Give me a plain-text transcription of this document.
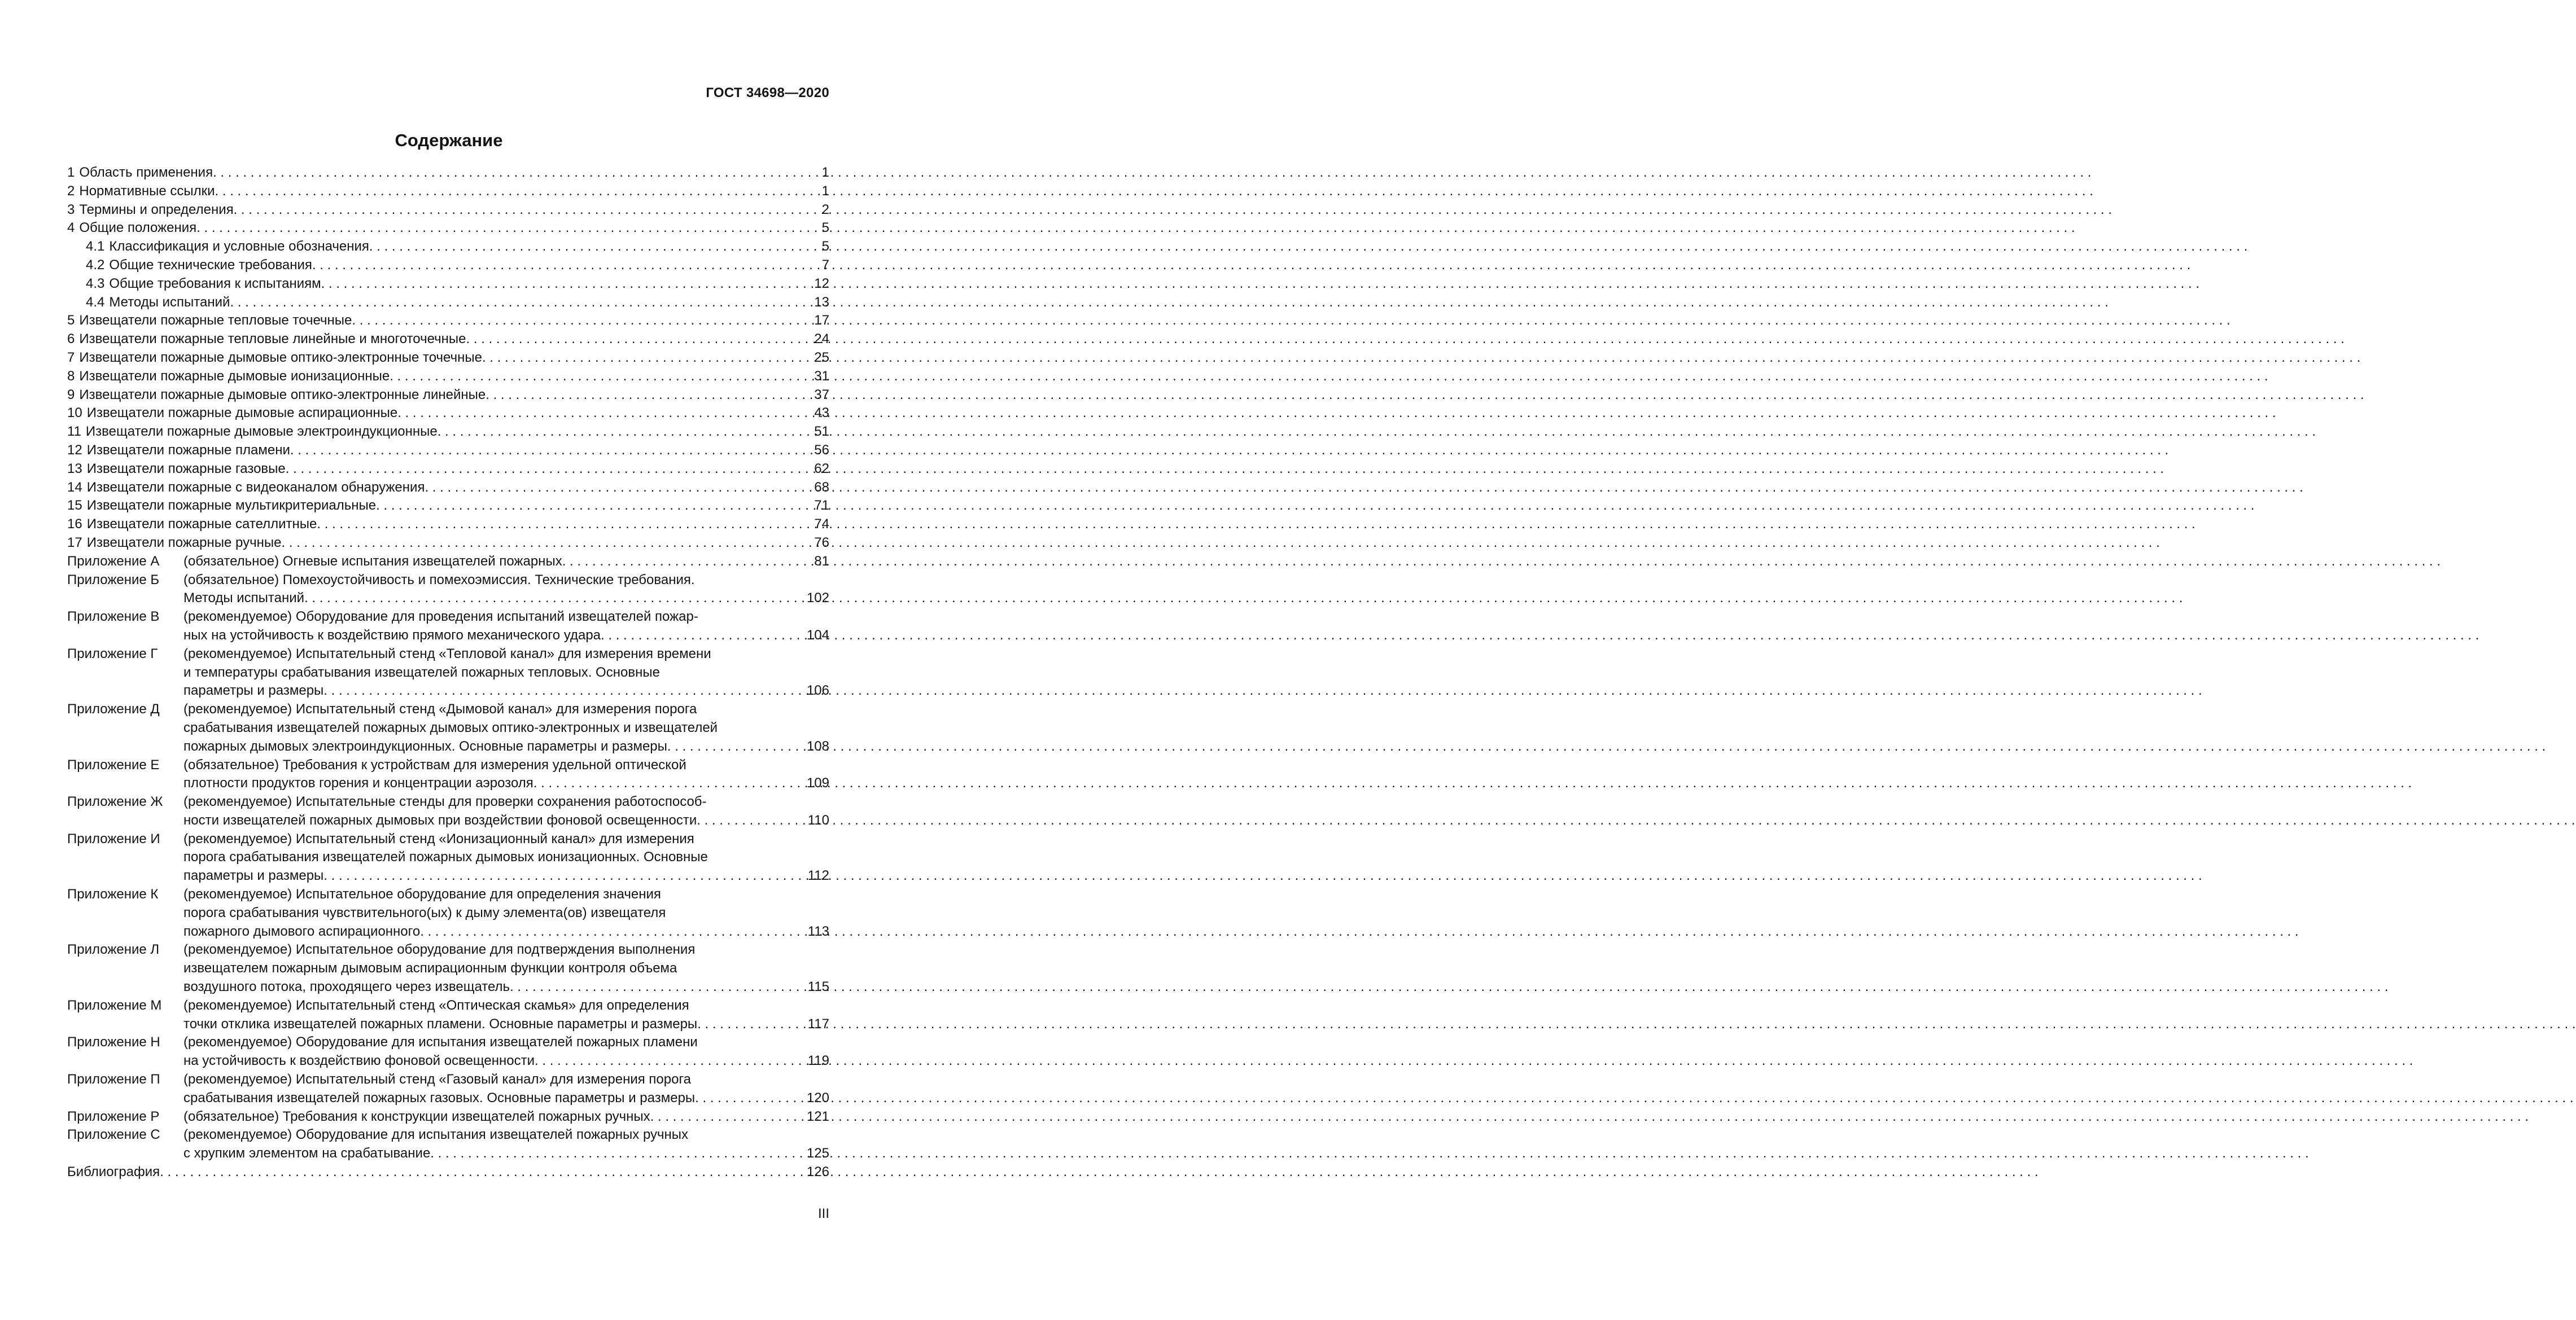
ГОСТ 34698—2020
Содержание
1 Область применения . . .	1
2 Нормативные ссылки . . .	1
3 Термины и определения . . .	2
4 Общие положения . . .	5
4.1 Классификация и условные обозначения . . .	5
4.2 Общие технические требования . . .	7
4.3 Общие требования к испытаниям . . .	12
4.4 Методы испытаний . . .	13
5 Извещатели пожарные тепловые точечные . . .	17
6 Извещатели пожарные тепловые линейные и многоточечные . . .	24
7 Извещатели пожарные дымовые оптико-электронные точечные . . .	25
8 Извещатели пожарные дымовые ионизационные . . .	31
9 Извещатели пожарные дымовые оптико-электронные линейные . . .	37
10 Извещатели пожарные дымовые аспирационные . . .	43
11 Извещатели пожарные дымовые электроиндукционные . . .	51
12 Извещатели пожарные пламени . . .	56
13 Извещатели пожарные газовые . . .	62
14 Извещатели пожарные с видеоканалом обнаружения . . .	68
15 Извещатели пожарные мультикритериальные . . .	71
16 Извещатели пожарные сателлитные . . .	74
17 Извещатели пожарные ручные . . .	76
Приложение А	(обязательное) Огневые испытания извещателей пожарных . . .	81
Приложение Б	(обязательное) Помехоустойчивость и помехоэмиссия. Технические требования.
Методы испытаний . . .	102
Приложение В	(рекомендуемое) Оборудование для проведения испытаний извещателей пожар-
ных на устойчивость к воздействию прямого механического удара . . .	104
Приложение Г	(рекомендуемое) Испытательный стенд «Тепловой канал» для измерения времени
и температуры срабатывания извещателей пожарных тепловых. Основные
параметры и размеры . . .	106
Приложение Д	(рекомендуемое) Испытательный стенд «Дымовой канал» для измерения порога
срабатывания извещателей пожарных дымовых оптико-электронных и извещателей
пожарных дымовых электроиндукционных. Основные параметры и размеры . . .	108
Приложение Е	(обязательное) Требования к устройствам для измерения удельной оптической
плотности продуктов горения и концентрации аэрозоля . . .	109
Приложение Ж	(рекомендуемое) Испытательные стенды для проверки сохранения работоспособ-
ности извещателей пожарных дымовых при воздействии фоновой освещенности . . .	110
Приложение И	(рекомендуемое) Испытательный стенд «Ионизационный канал» для измерения
порога срабатывания извещателей пожарных дымовых ионизационных. Основные
параметры и размеры . . .	112
Приложение К	(рекомендуемое) Испытательное оборудование для определения значения
порога срабатывания чувствительного(ых) к дыму элемента(ов) извещателя
пожарного дымового аспирационного . . .	113
Приложение Л	(рекомендуемое) Испытательное оборудование для подтверждения выполнения
извещателем пожарным дымовым аспирационным функции контроля объема
воздушного потока, проходящего через извещатель . . .	115
Приложение М	(рекомендуемое) Испытательный стенд «Оптическая скамья» для определения
точки отклика извещателей пожарных пламени. Основные параметры и размеры . . .	117
Приложение Н	(рекомендуемое) Оборудование для испытания извещателей пожарных пламени
на устойчивость к воздействию фоновой освещенности . . .	119
Приложение П	(рекомендуемое) Испытательный стенд «Газовый канал» для измерения порога
срабатывания извещателей пожарных газовых. Основные параметры и размеры . . .	120
Приложение Р	(обязательное) Требования к конструкции извещателей пожарных ручных . . .	121
Приложение С	(рекомендуемое) Оборудование для испытания извещателей пожарных ручных
с хрупким элементом на срабатывание . . .	125
Библиография . . .	126
III
